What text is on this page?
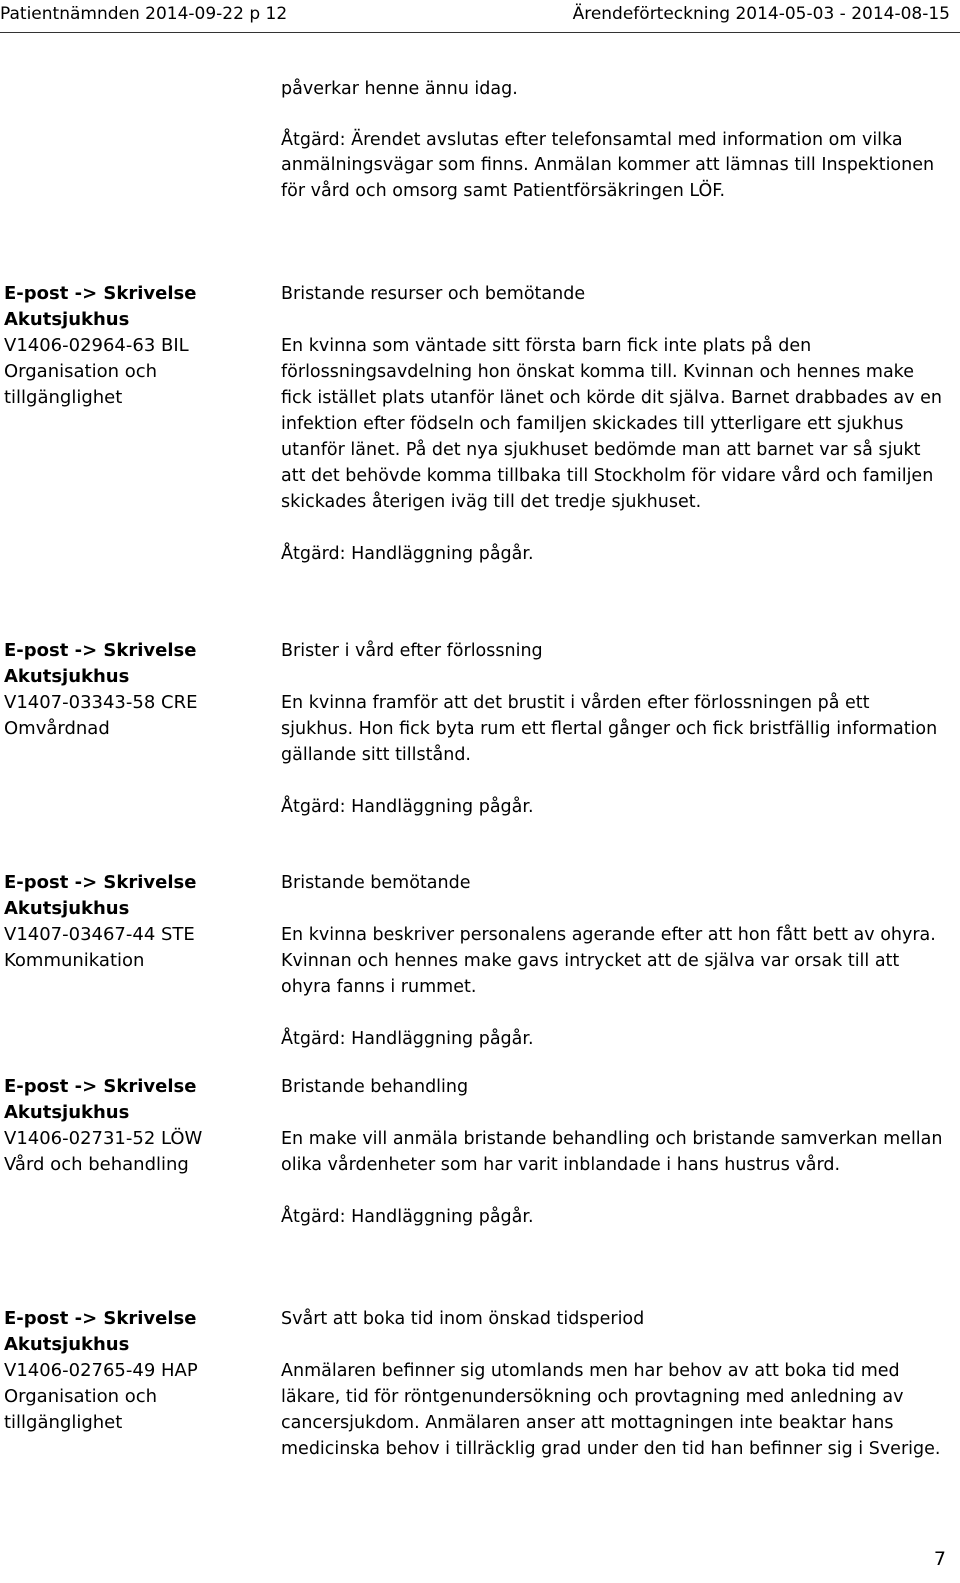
Patientnämnden 2014-09-22 p 12	Ärendeförteckning 2014-05-03 - 2014-08-15

påverkar henne ännu idag.

Åtgärd: Ärendet avslutas efter telefonsamtal med information om vilka anmälningsvägar som finns. Anmälan kommer att lämnas till Inspektionen för vård och omsorg samt Patientförsäkringen LÖF.

E-post -> Skrivelse
Akutsjukhus
V1406-02964-63 BIL
Organisation och tillgänglighet

Bristande resurser och bemötande

En kvinna som väntade sitt första barn fick inte plats på den förlossningsavdelning hon önskat komma till. Kvinnan och hennes make fick istället plats utanför länet och körde dit själva. Barnet drabbades av en infektion efter födseln och familjen skickades till ytterligare ett sjukhus utanför länet. På det nya sjukhuset bedömde man att barnet var så sjukt att det behövde komma tillbaka till Stockholm för vidare vård och familjen skickades återigen iväg till det tredje sjukhuset.

Åtgärd: Handläggning pågår.

E-post -> Skrivelse
Akutsjukhus
V1407-03343-58 CRE
Omvårdnad

Brister i vård efter förlossning

En kvinna framför att det brustit i vården efter förlossningen på ett sjukhus. Hon fick byta rum ett flertal gånger och fick bristfällig information gällande sitt tillstånd.

Åtgärd: Handläggning pågår.

E-post -> Skrivelse
Akutsjukhus
V1407-03467-44 STE
Kommunikation

Bristande bemötande

En kvinna beskriver personalens agerande efter att hon fått bett av ohyra. Kvinnan och hennes make gavs intrycket att de själva var orsak till att ohyra fanns i rummet.

Åtgärd: Handläggning pågår.

E-post -> Skrivelse
Akutsjukhus
V1406-02731-52 LÖW
Vård och behandling

Bristande behandling

En make vill anmäla bristande behandling och bristande samverkan mellan olika vårdenheter som har varit inblandade i hans hustrus vård.

Åtgärd: Handläggning pågår.

E-post -> Skrivelse
Akutsjukhus
V1406-02765-49 HAP
Organisation och tillgänglighet

Svårt att boka tid inom önskad tidsperiod

Anmälaren befinner sig utomlands men har behov av att boka tid med läkare, tid för röntgenundersökning och provtagning med anledning av cancersjukdom. Anmälaren anser att mottagningen inte beaktar hans medicinska behov i tillräcklig grad under den tid han befinner sig i Sverige.

7
